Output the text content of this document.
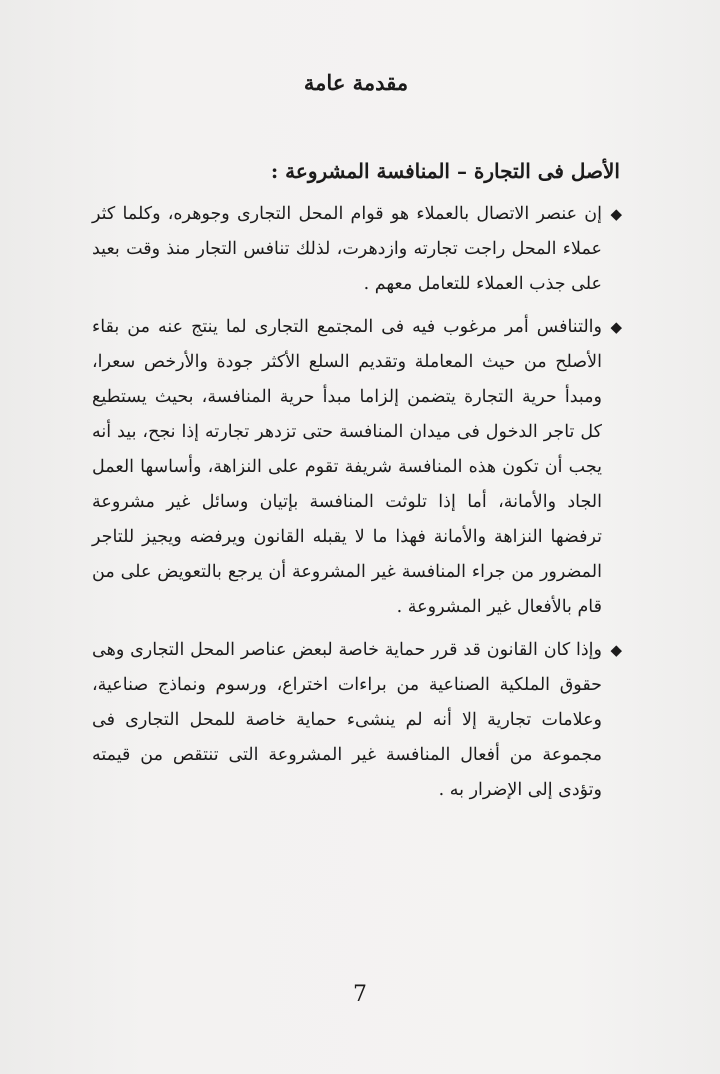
مقدمة عامة
الأصل فى التجارة – المنافسة المشروعة :
◆
إن عنصر الاتصال بالعملاء هو قوام المحل التجارى وجوهره، وكلما كثر عملاء المحل راجت تجارته وازدهرت، لذلك تنافس التجار منذ وقت بعيد على جذب العملاء للتعامل معهم .
◆
والتنافس أمر مرغوب فيه فى المجتمع التجارى لما ينتج عنه من بقاء الأصلح من حيث المعاملة وتقديم السلع الأكثر جودة والأرخص سعرا، ومبدأ حرية التجارة يتضمن إلزاما مبدأ حرية المنافسة، بحيث يستطيع كل تاجر الدخول فى ميدان المنافسة حتى تزدهر تجارته إذا نجح، بيد أنه يجب أن تكون هذه المنافسة شريفة تقوم على النزاهة، وأساسها العمل الجاد والأمانة، أما إذا تلوثت المنافسة بإتيان وسائل غير مشروعة ترفضها النزاهة والأمانة فهذا ما لا يقبله القانون ويرفضه ويجيز للتاجر المضرور من جراء المنافسة غير المشروعة أن يرجع بالتعويض على من قام بالأفعال غير المشروعة .
◆
وإذا كان القانون قد قرر حماية خاصة لبعض عناصر المحل التجارى وهى حقوق الملكية الصناعية من براءات اختراع، ورسوم ونماذج صناعية، وعلامات تجارية إلا أنه لم ينشىء حماية خاصة للمحل التجارى فى مجموعة من أفعال المنافسة غير المشروعة التى تنتقص من قيمته وتؤدى إلى الإضرار به .
7
